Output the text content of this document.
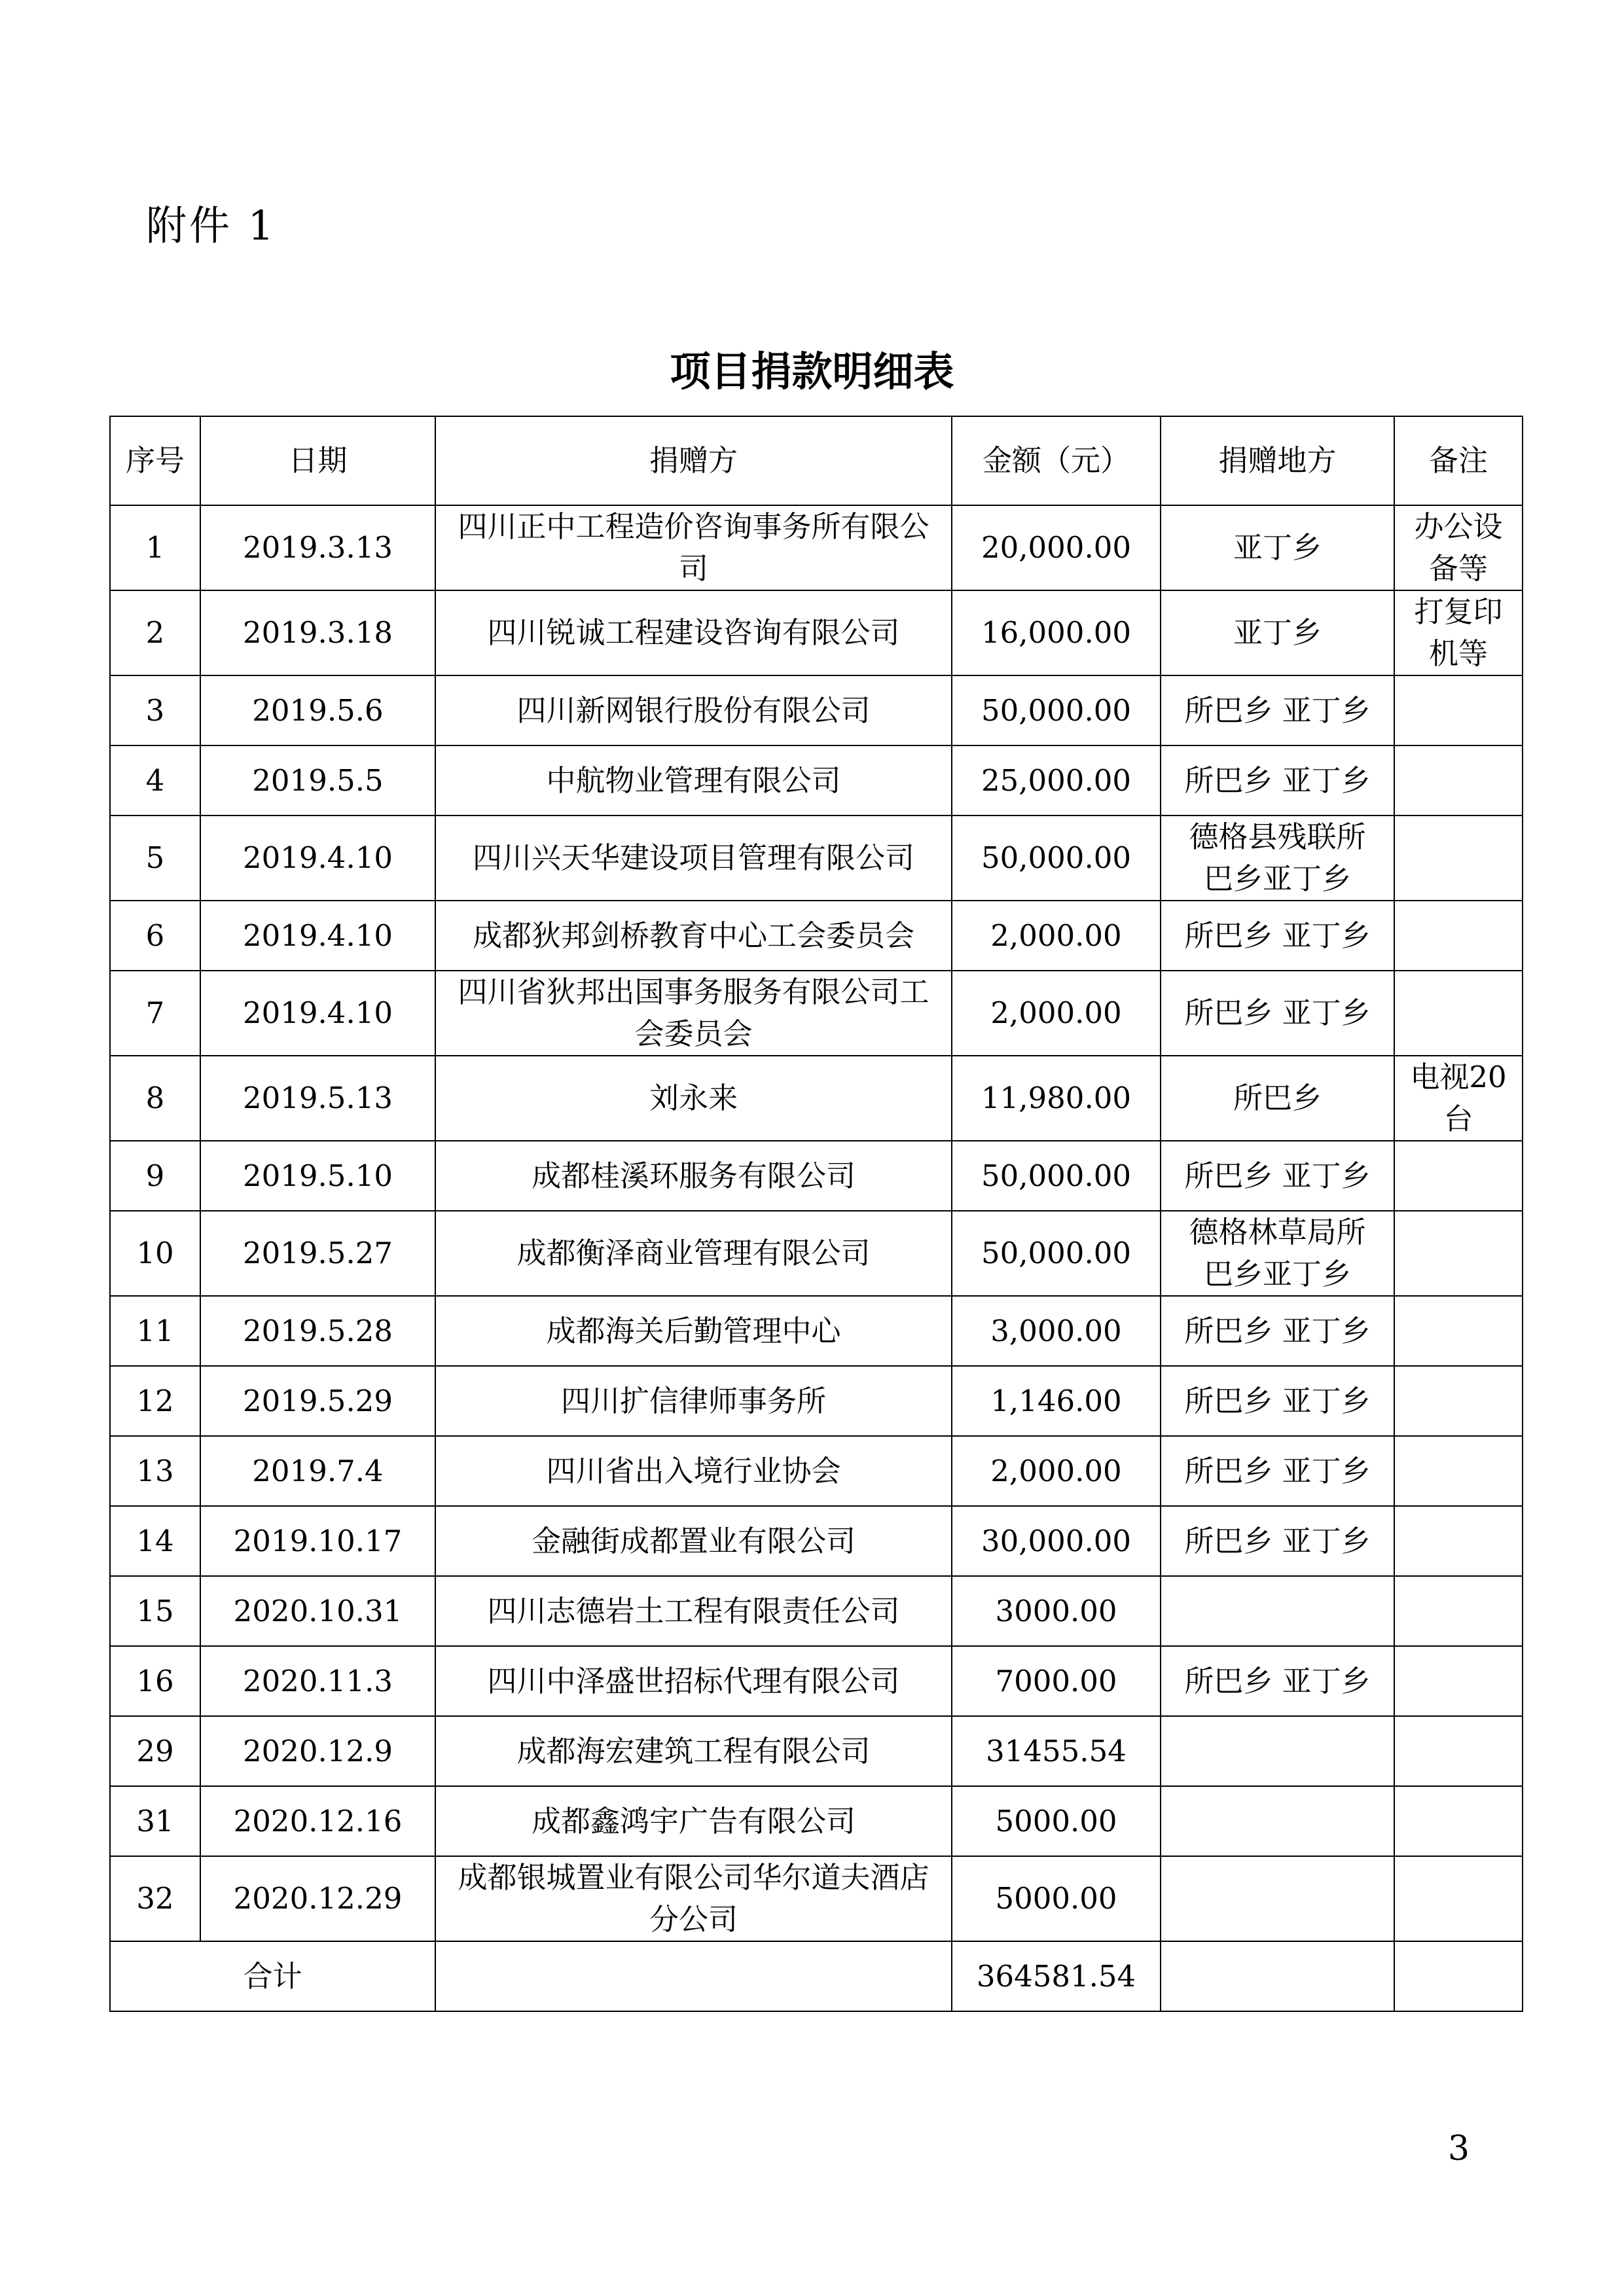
附件 1
项目捐款明细表
序号	日期	捐赠方	金额（元）	捐赠地方	备注
1	2019.3.13	四川正中工程造价咨询事务所有限公司	20,000.00	亚丁乡	办公设备等
2	2019.3.18	四川锐诚工程建设咨询有限公司	16,000.00	亚丁乡	打复印机等
3	2019.5.6	四川新网银行股份有限公司	50,000.00	所巴乡 亚丁乡	
4	2019.5.5	中航物业管理有限公司	25,000.00	所巴乡 亚丁乡	
5	2019.4.10	四川兴天华建设项目管理有限公司	50,000.00	德格县残联所巴乡亚丁乡	
6	2019.4.10	成都狄邦剑桥教育中心工会委员会	2,000.00	所巴乡 亚丁乡	
7	2019.4.10	四川省狄邦出国事务服务有限公司工会委员会	2,000.00	所巴乡 亚丁乡	
8	2019.5.13	刘永来	11,980.00	所巴乡	电视20台
9	2019.5.10	成都桂溪环服务有限公司	50,000.00	所巴乡 亚丁乡	
10	2019.5.27	成都衡泽商业管理有限公司	50,000.00	德格林草局所巴乡亚丁乡	
11	2019.5.28	成都海关后勤管理中心	3,000.00	所巴乡 亚丁乡	
12	2019.5.29	四川扩信律师事务所	1,146.00	所巴乡 亚丁乡	
13	2019.7.4	四川省出入境行业协会	2,000.00	所巴乡 亚丁乡	
14	2019.10.17	金融街成都置业有限公司	30,000.00	所巴乡 亚丁乡	
15	2020.10.31	四川志德岩土工程有限责任公司	3000.00		
16	2020.11.3	四川中泽盛世招标代理有限公司	7000.00	所巴乡 亚丁乡	
29	2020.12.9	成都海宏建筑工程有限公司	31455.54		
31	2020.12.16	成都鑫鸿宇广告有限公司	5000.00		
32	2020.12.29	成都银城置业有限公司华尔道夫酒店分公司	5000.00		
合计			364581.54		
3
